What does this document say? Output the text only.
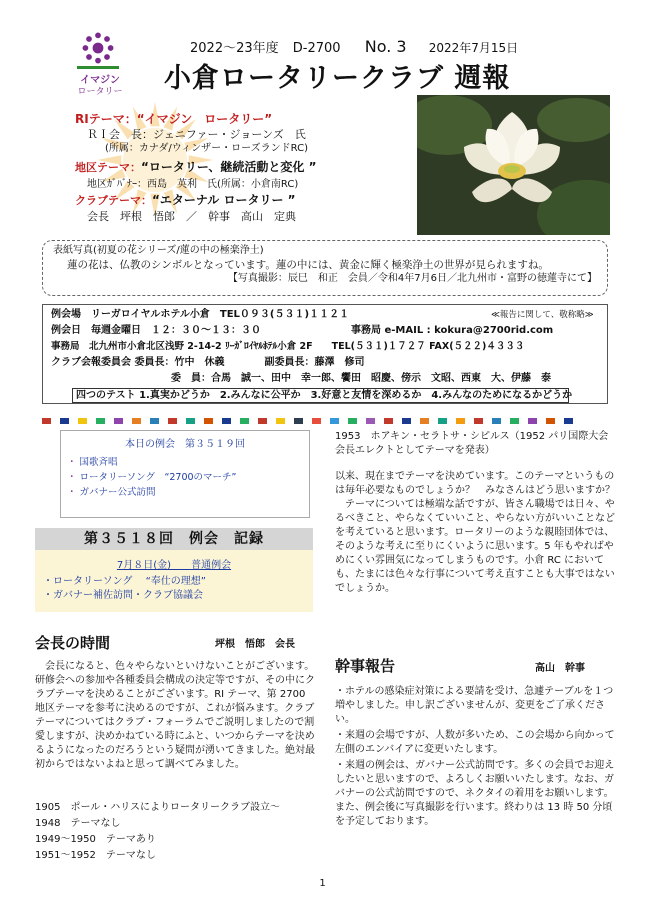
イマジン
ロータリー
2022～23年度 D-2700 No. 3 2022年7月15日
小倉ロータリークラブ 週報
RIテーマ：“イマジン　ロータリー”
ＲＩ会　長：ジェニファー・ジョーンズ　氏
(所属：カナダ/ウィンザー・ローズランドRC)
地区テーマ：“ロータリー、継続活動と変化 ”
地区ｶﾞﾊﾞﾅｰ：西島　英利　氏(所属：小倉南RC)
クラブテーマ：“エターナル ロータリー ”
会長　坪根　悟郎　／　幹事　高山　定典
表紙写真(初夏の花シリーズ/蓮の中の極楽浄土)
蓮の花は、仏教のシンボルとなっています。蓮の中には、黄金に輝く極楽浄土の世界が見られますね。
【写真撮影：辰巳　和正　会員／令和4年7月6日／北九州市・富野の徳蓮寺にて】
例会場　リーガロイヤルホテル小倉　TEL０９３(５３１)１１２１	≪報告に関して、敬称略≫
例会日　毎週金曜日　１２：３０～１３：３０	事務局 e-MAIL : kokura@2700rid.com
事務局　北九州市小倉北区浅野 2-14-2 ﾘｰｶﾞﾛｲﾔﾙﾎﾃﾙ小倉 2F　　TEL(５３１)１７２７ FAX(５２２)４３３３
クラブ会報委員会 委員長：竹中　休義　　　　副委員長：藤澤　修司
委　員：合馬　誠一、田中　幸一郎、饗田　昭慶、傍示　文昭、西東　大、伊藤　泰
四つのテスト 1.真実かどうか　2.みんなに公平か　3.好意と友情を深めるか　4.みんなのためになるかどうか
本日の例会　第３５１９回
・ 国歌斉唱
・ ロータリーソング　“2700のマーチ”
・ ガバナー公式訪問
第３５１８回　例会　記録
7月８日(金)　　普通例会
・ロータリーソング　 “奉仕の理想”
・ガバナー補佐訪問・クラブ協議会
会長の時間	坪根　悟郎　会長
会長になると、色々やらないといけないことがございます。研修会への参加や各種委員会構成の決定等ですが、その中にクラブテーマを決めることがございます。RI テーマ、第 2700 地区テーマを参考に決めるのですが、これが悩みます。クラブテーマについてはクラブ・フォーラムでご説明しましたので割愛しますが、決めかねている時にふと、いつからテーマを決めるようになったのだろうという疑問が湧いてきました。絶対最初からではないよねと思って調べてみました。
1905　ポール・ハリスによりロータリークラブ設立～
1948　テーマなし
1949～1950　テーマあり
1951～1952　テーマなし
1953　ホアキン・セラトサ・シピルス（1952 パリ国際大会会長エレクトとしてテーマを発表）

以来、現在までテーマを決めています。このテーマというものは毎年必要なものでしょうか？　みなさんはどう思いますか？

テーマについては極端な話ですが、皆さん職場では日々、やるべきこと、やらなくていいこと、やらない方がいいことなどを考えていると思います。ロータリーのような親睦団体では、そのような考えに至りにくいように思います。5 年もやればやめにくい雰囲気になってしまうものです。小倉 RC においても、たまには色々な行事について考え直すことも大事ではないでしょうか。

幹事報告	高山　幹事

・ホテルの感染症対策による要請を受け、急遽テーブルを１つ増やしました。申し訳ございませんが、変更をご了承ください。

・来週の会場ですが、人数が多いため、この会場から向かって左側のエンバイアに変更いたします。

・来週の例会は、ガバナー公式訪問です。多くの会員でお迎えしたいと思いますので、よろしくお願いいたします。なお、ガバナーの公式訪問ですので、ネクタイの着用をお願いします。また、例会後に写真撮影を行います。終わりは 13 時 50 分頃を予定しております。

1
